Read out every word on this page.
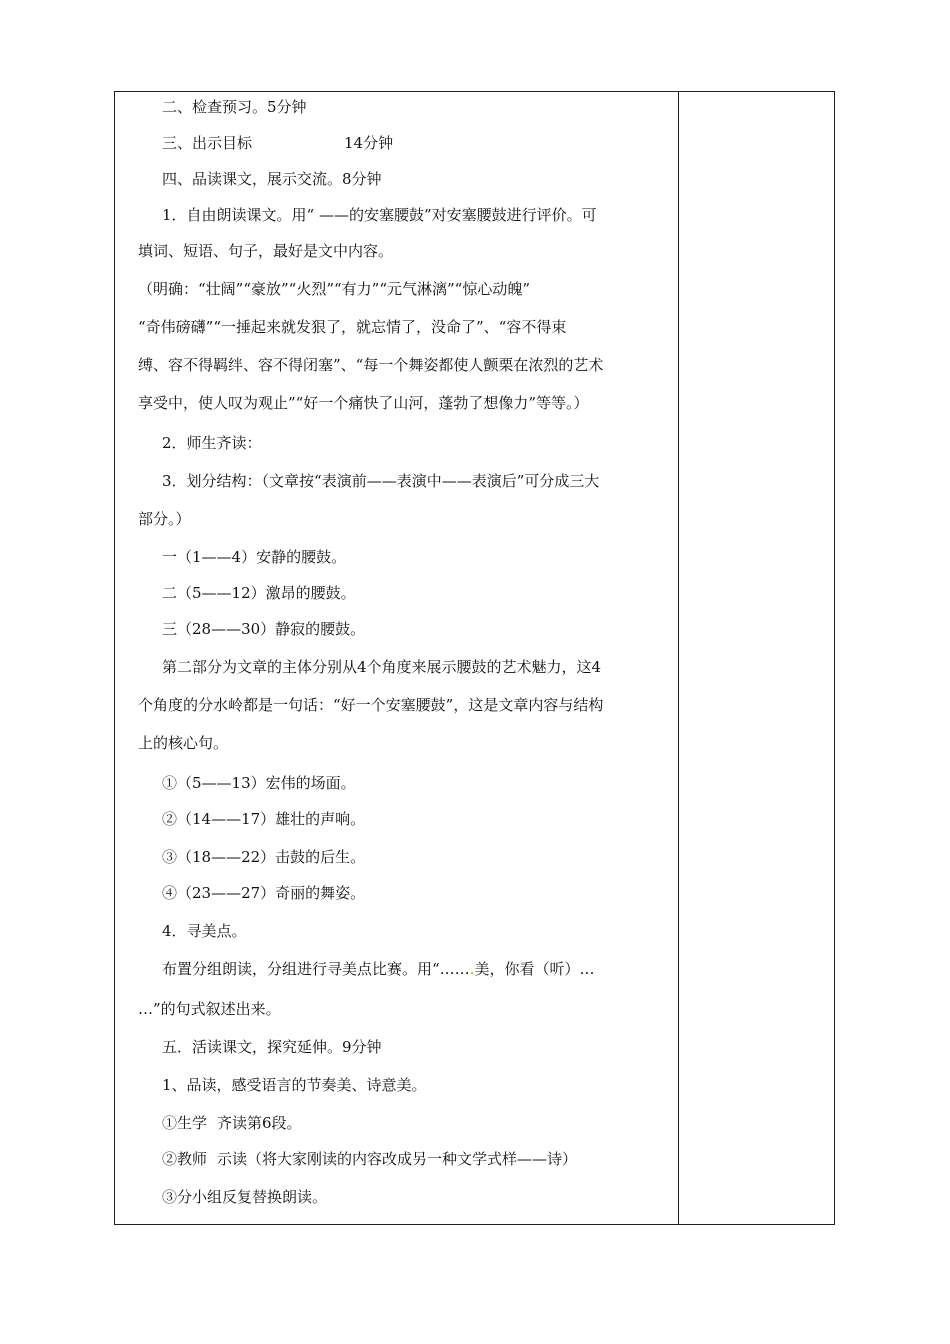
二、检查预习。5分钟
三、出示目标	14分钟
四、品读课文，展示交流。8分钟
1．自由朗读课文。用“ ——的安塞腰鼓”对安塞腰鼓进行评价。可
填词、短语、句子，最好是文中内容。
（明确：“壮阔”“豪放”“火烈”“有力”“元气淋漓”“惊心动魄”
“奇伟磅礴”“一捶起来就发狠了，就忘情了，没命了”、“容不得束
缚、容不得羁绊、容不得闭塞”、“每一个舞姿都使人颤栗在浓烈的艺术
享受中，使人叹为观止”“好一个痛快了山河，蓬勃了想像力”等等。）
2．师生齐读：
3．划分结构：（文章按“表演前——表演中——表演后”可分成三大
部分。）
一（1——4）安静的腰鼓。
二（5——12）激昂的腰鼓。
三（28——30）静寂的腰鼓。
第二部分为文章的主体分别从4个角度来展示腰鼓的艺术魅力，这4
个角度的分水岭都是一句话：“好一个安塞腰鼓”，这是文章内容与结构
上的核心句。
①（5——13）宏伟的场面。
②（14——17）雄壮的声响。
③（18——22）击鼓的后生。
④（23——27）奇丽的舞姿。
4．寻美点。
布置分组朗读，分组进行寻美点比赛。用“…….美，你看（听）…
…”的句式叙述出来。
五．活读课文，探究延伸。9分钟
1、品读，感受语言的节奏美、诗意美。
①生学 齐读第6段。
②教师 示读（将大家刚读的内容改成另一种文学式样——诗）
③分小组反复替换朗读。
